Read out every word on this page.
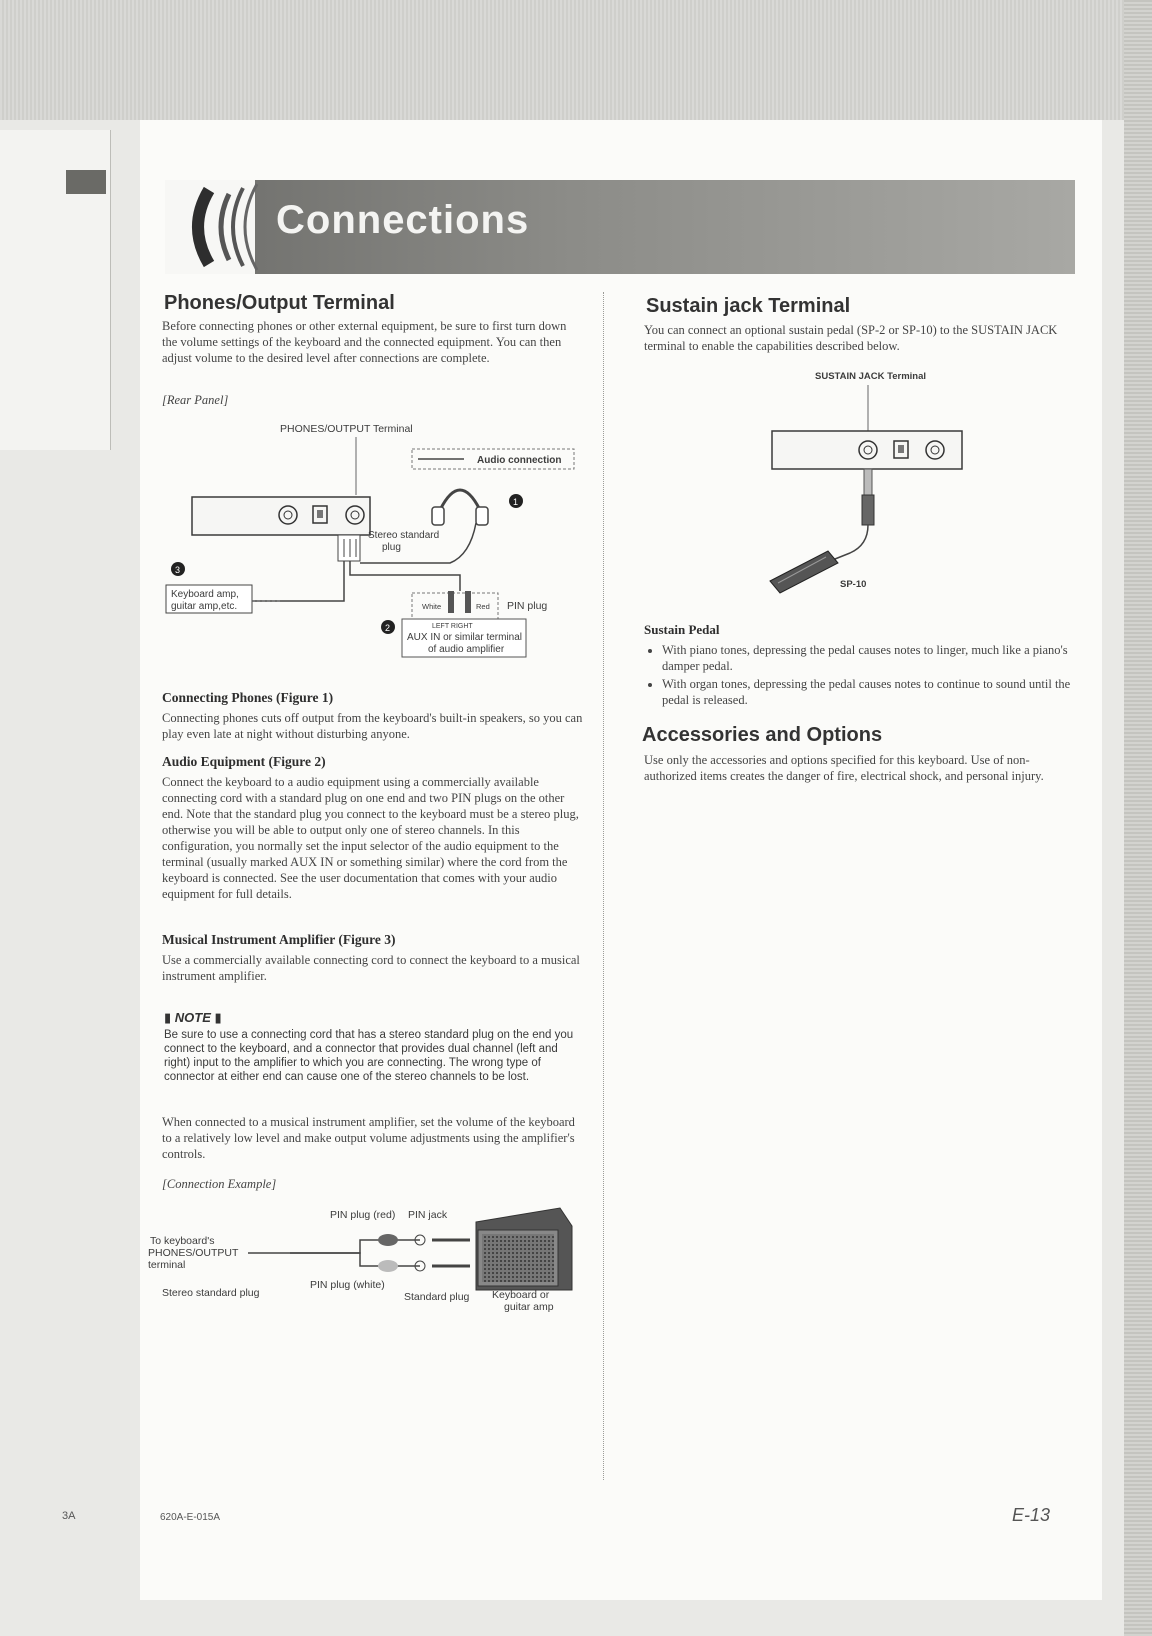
Connections
Phones/Output Terminal
Before connecting phones or other external equipment, be sure to first turn down the volume settings of the keyboard and the connected equipment. You can then adjust volume to the desired level after connections are complete.
[Rear Panel]
PHONES/OUTPUT Terminal
Audio connection
Stereo standard
plug
1
3
Keyboard amp,
guitar amp,etc.	White	Red PIN plug
2	LEFT RIGHT
AUX IN or similar terminal
of audio amplifier
Connecting Phones (Figure 1)
Connecting phones cuts off output from the keyboard's built-in speakers, so you can play even late at night without disturbing anyone.
Audio Equipment (Figure 2)
Connect the keyboard to a audio equipment using a commercially available connecting cord with a standard plug on one end and two PIN plugs on the other end. Note that the standard plug you connect to the keyboard must be a stereo plug, otherwise you will be able to output only one of stereo channels. In this configuration, you normally set the input selector of the audio equipment to the terminal (usually marked AUX IN or something similar) where the cord from the keyboard is connected. See the user documentation that comes with your audio equipment for full details.
Musical Instrument Amplifier (Figure 3)
Use a commercially available connecting cord to connect the keyboard to a musical instrument amplifier.
▮ NOTE ▮
Be sure to use a connecting cord that has a stereo standard plug on the end you connect to the keyboard, and a connector that provides dual channel (left and right) input to the amplifier to which you are connecting. The wrong type of connector at either end can cause one of the stereo channels to be lost.
When connected to a musical instrument amplifier, set the volume of the keyboard to a relatively low level and make output volume adjustments using the amplifier's controls.
[Connection Example]
PIN plug (red) PIN jack
To keyboard's
PHONES/OUTPUT
terminal
Stereo standard plug
PIN plug (white)
Standard plug Keyboard or
guitar amp
Sustain jack Terminal
You can connect an optional sustain pedal (SP-2 or SP-10) to the SUSTAIN JACK terminal to enable the capabilities described below.
SUSTAIN JACK Terminal
SP-10
Sustain Pedal
• With piano tones, depressing the pedal causes notes to linger, much like a piano's damper pedal.
• With organ tones, depressing the pedal causes notes to continue to sound until the pedal is released.
Accessories and Options
Use only the accessories and options specified for this keyboard. Use of non-authorized items creates the danger of fire, electrical shock, and personal injury.
3A	620A-E-015A	E-13
